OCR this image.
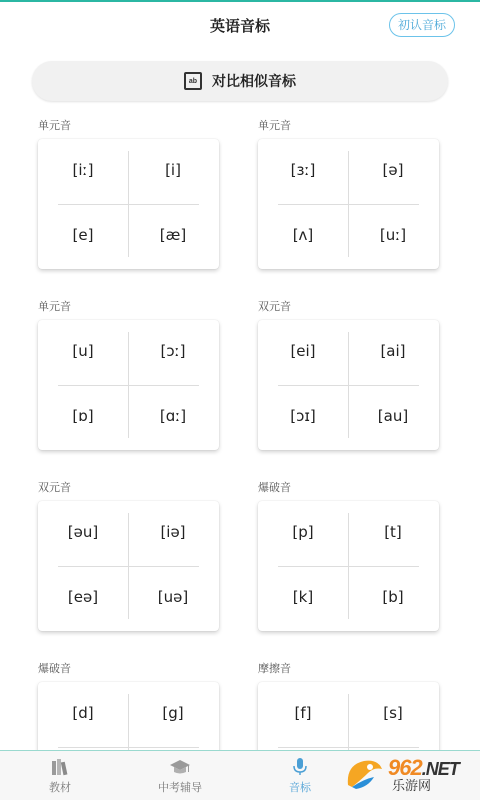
英语音标	初认音标
ab 对比相似音标
单元音
[iː]	[i]
[e]	[æ]
单元音
[ɜː]	[ə]
[ʌ]	[uː]
单元音
[u]	[ɔː]
[ɒ]	[ɑː]
双元音
[ei]	[ai]
[ɔɪ]	[au]
双元音
[əu]	[iə]
[eə]	[uə]
爆破音
[p]	[t]
[k]	[b]
爆破音
[d]	[g]
摩擦音
[f]	[s]
教材	中考辅导	音标
962.NET
乐游网
